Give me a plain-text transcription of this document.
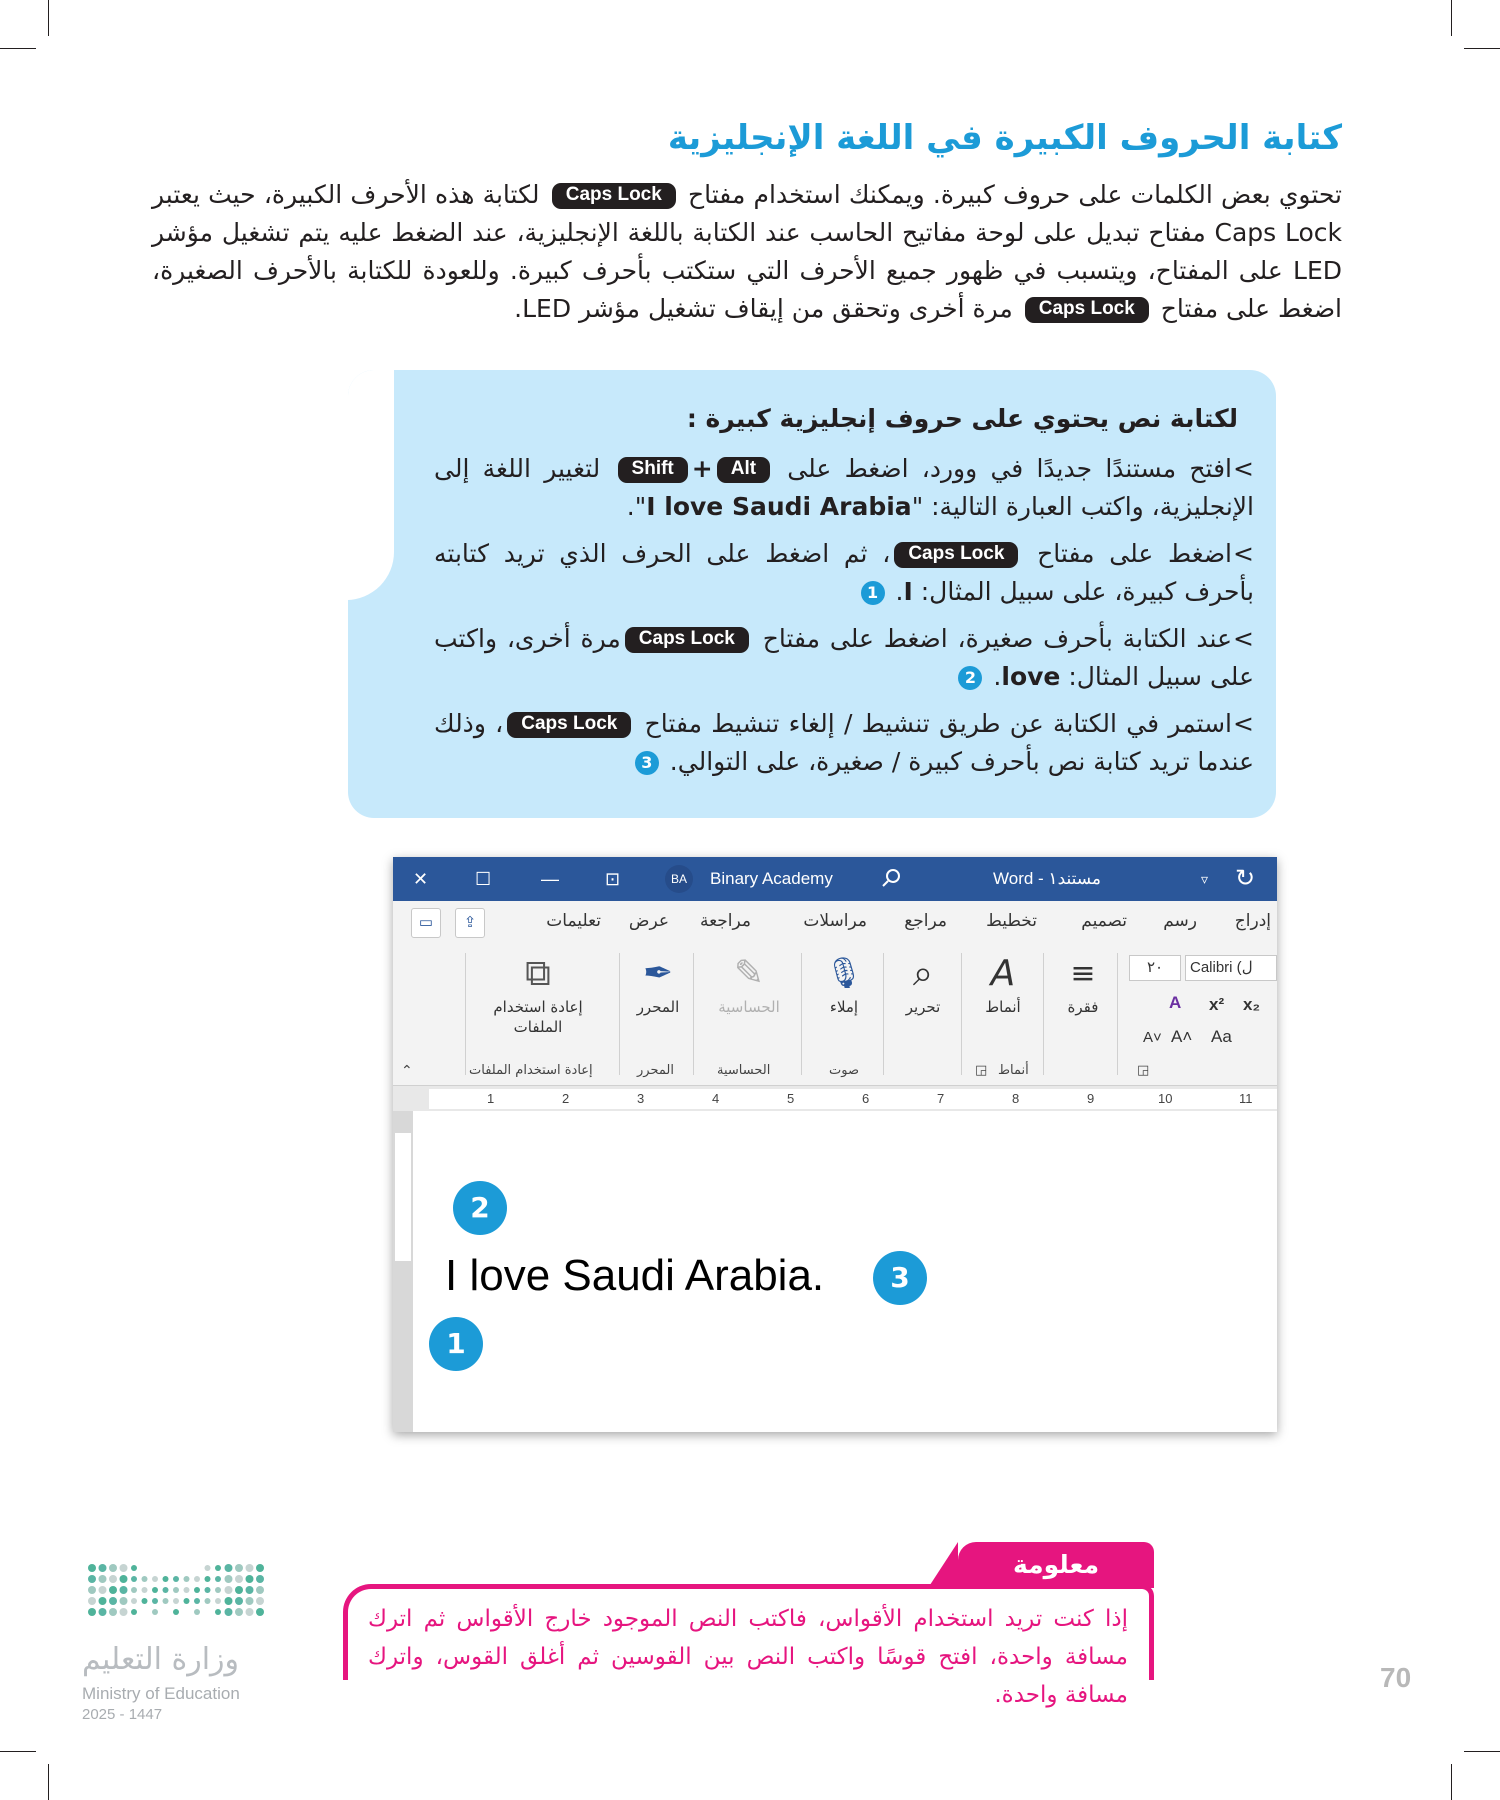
كتابة الحروف الكبيرة في اللغة الإنجليزية

تحتوي بعض الكلمات على حروف كبيرة. ويمكنك استخدام مفتاح Caps Lock لكتابة هذه الأحرف الكبيرة، حيث يعتبر Caps Lock مفتاح تبديل على لوحة مفاتيح الحاسب عند الكتابة باللغة الإنجليزية، عند الضغط عليه يتم تشغيل مؤشر LED على المفتاح، ويتسبب في ظهور جميع الأحرف التي ستكتب بأحرف كبيرة. وللعودة للكتابة بالأحرف الصغيرة، اضغط على مفتاح Caps Lock مرة أخرى وتحقق من إيقاف تشغيل مؤشر LED.

لكتابة نص يحتوي على حروف إنجليزية كبيرة :
>افتح مستندًا جديدًا في وورد، اضغط على Alt+Shift لتغيير اللغة إلى الإنجليزية، واكتب العبارة التالية: "I love Saudi Arabia".
>اضغط على مفتاح Caps Lock، ثم اضغط على الحرف الذي تريد كتابته بأحرف كبيرة، على سبيل المثال: I. 1
>عند الكتابة بأحرف صغيرة، اضغط على مفتاح Caps Lockمرة أخرى، واكتب على سبيل المثال: love. 2
>استمر في الكتابة عن طريق تنشيط / إلغاء تنشيط مفتاح Caps Lock، وذلك عندما تريد كتابة نص بأحرف كبيرة / صغيرة، على التوالي. 3
✕	☐	—	⊡	BA	Binary Academy	مستند١ - Word	▿ ↻
إدراج
رسم
تصميم
تخطيط
مراجع
مراسلات
مراجعة
عرض
تعليمات
⇪
▭
Calibri (ل
٢٠
x₂
x²
A
Aa
A˄
A˅
◲
≡
فقرة
A
أنماط
أنماط
◲
⌕
تحرير
🎙
إملاء
صوت
✎
الحساسية
الحساسية
✒
المحرر
المحرر
⧉
إعادة استخدام الملفات
إعادة استخدام الملفات
⌃
1	2	3	4	5	6	7	8	9	10	11
I love Saudi Arabia.
2
1
3
معلومة

إذا كنت تريد استخدام الأقواس، فاكتب النص الموجود خارج الأقواس ثم اترك مسافة واحدة، افتح قوسًا واكتب النص بين القوسين ثم أغلق القوس، واترك مسافة واحدة.

70
وزارة التعليم
Ministry of Education
2025 - 1447
